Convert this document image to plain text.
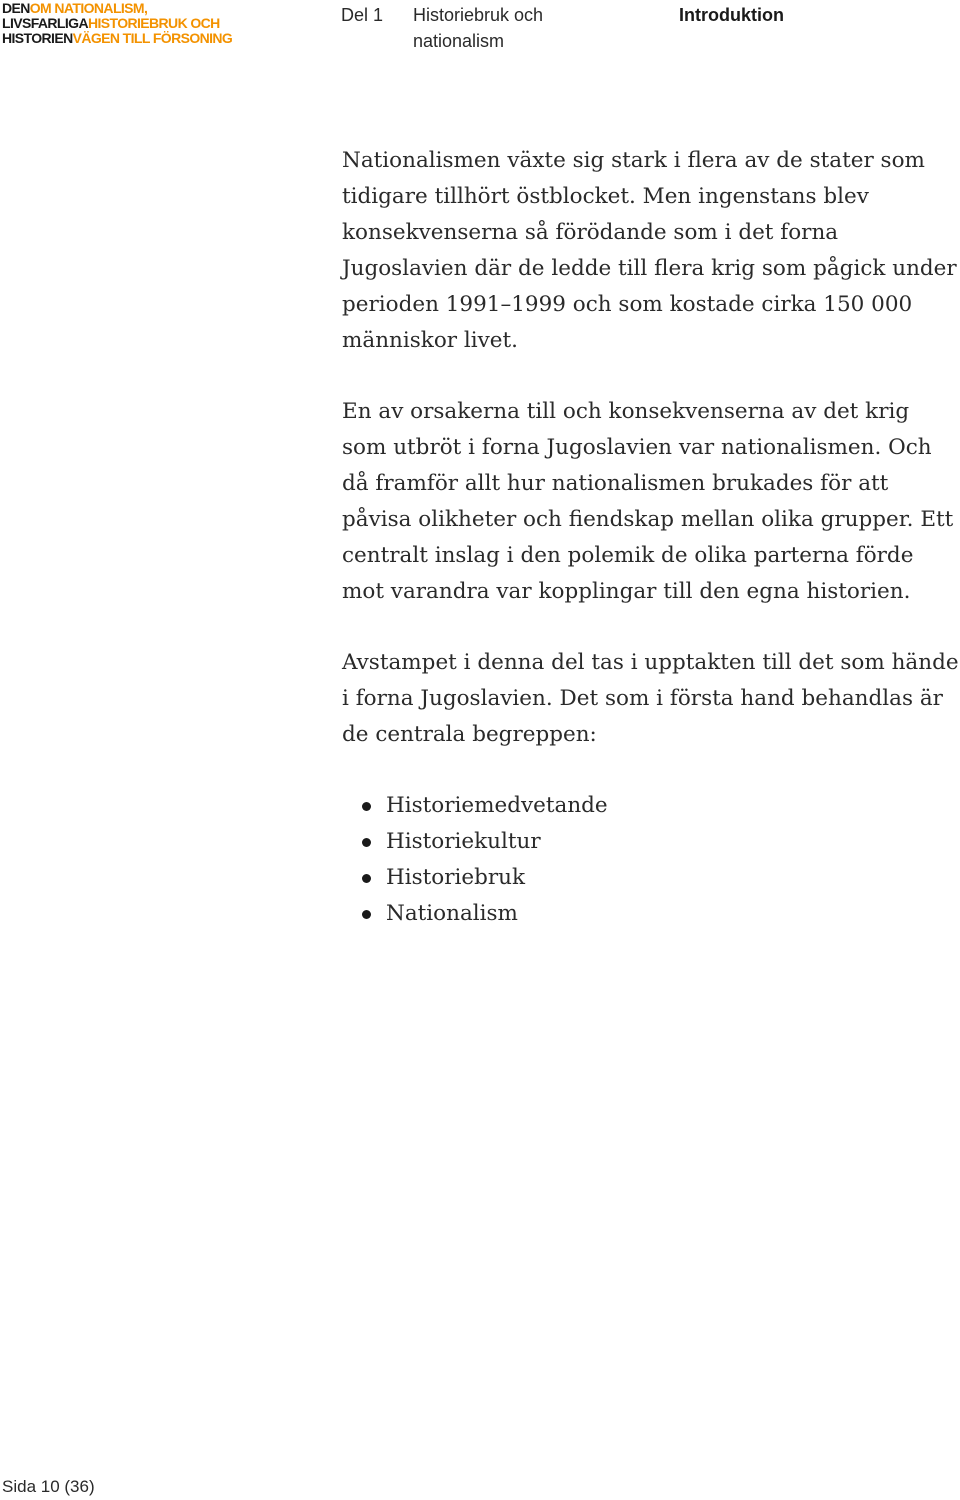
DENOM NATIONALISM,
LIVSFARLIGAHISTORIEBRUK OCH
HISTORIENVÄGEN TILL FÖRSONING
Del 1 Historiebruk och nationalism
Introduktion

Nationalismen växte sig stark i flera av de stater som tidigare tillhört östblocket. Men ingenstans blev konsekvenserna så förödande som i det forna Jugoslavien där de ledde till flera krig som pågick under perioden 1991–1999 och som kostade cirka 150 000 människor livet.

En av orsakerna till och konsekvenserna av det krig som utbröt i forna Jugoslavien var nationalismen. Och då framför allt hur nationalismen brukades för att påvisa olikheter och fiendskap mellan olika grupper. Ett centralt inslag i den polemik de olika parterna förde mot varandra var kopplingar till den egna historien.

Avstampet i denna del tas i upptakten till det som hände i forna Jugoslavien. Det som i första hand behandlas är de centrala begreppen:

Historiemedvetande
Historiekultur
Historiebruk
Nationalism
Sida 10 (36)
